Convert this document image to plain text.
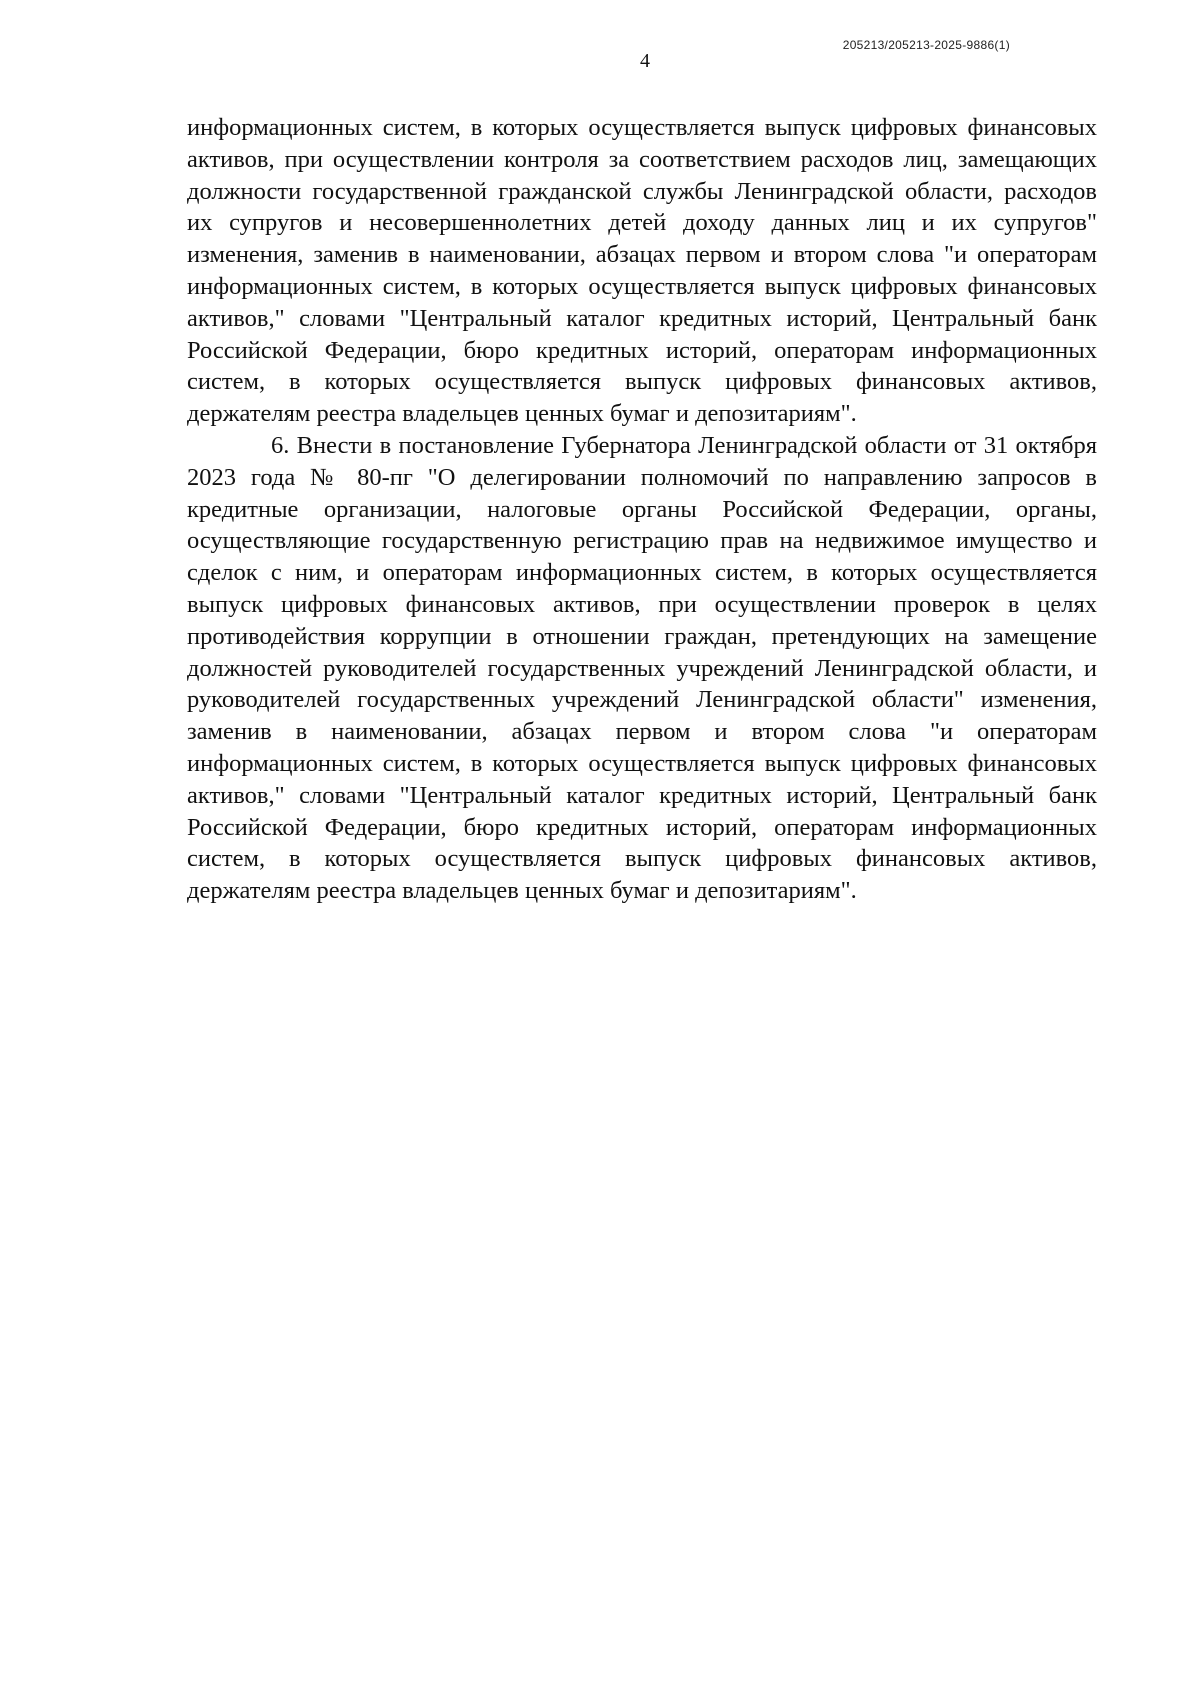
205213/205213-2025-9886(1)
4

информационных систем, в которых осуществляется выпуск цифровых финансовых активов, при осуществлении контроля за соответствием расходов лиц, замещающих должности государственной гражданской службы Ленинградской области, расходов их супругов и несовершеннолетних детей доходу данных лиц и их супругов" изменения, заменив в наименовании, абзацах первом и втором слова "и операторам информационных систем, в которых осуществляется выпуск цифровых финансовых активов," словами "Центральный каталог кредитных историй, Центральный банк Российской Федерации, бюро кредитных историй, операторам информационных систем, в которых осуществляется выпуск цифровых финансовых активов, держателям реестра владельцев ценных бумаг и депозитариям".

6. Внести в постановление Губернатора Ленинградской области от 31 октября 2023 года № 80-пг "О делегировании полномочий по направлению запросов в кредитные организации, налоговые органы Российской Федерации, органы, осуществляющие государственную регистрацию прав на недвижимое имущество и сделок с ним, и операторам информационных систем, в которых осуществляется выпуск цифровых финансовых активов, при осуществлении проверок в целях противодействия коррупции в отношении граждан, претендующих на замещение должностей руководителей государственных учреждений Ленинградской области, и руководителей государственных учреждений Ленинградской области" изменения, заменив в наименовании, абзацах первом и втором слова "и операторам информационных систем, в которых осуществляется выпуск цифровых финансовых активов," словами "Центральный каталог кредитных историй, Центральный банк Российской Федерации, бюро кредитных историй, операторам информационных систем, в которых осуществляется выпуск цифровых финансовых активов, держателям реестра владельцев ценных бумаг и депозитариям".
